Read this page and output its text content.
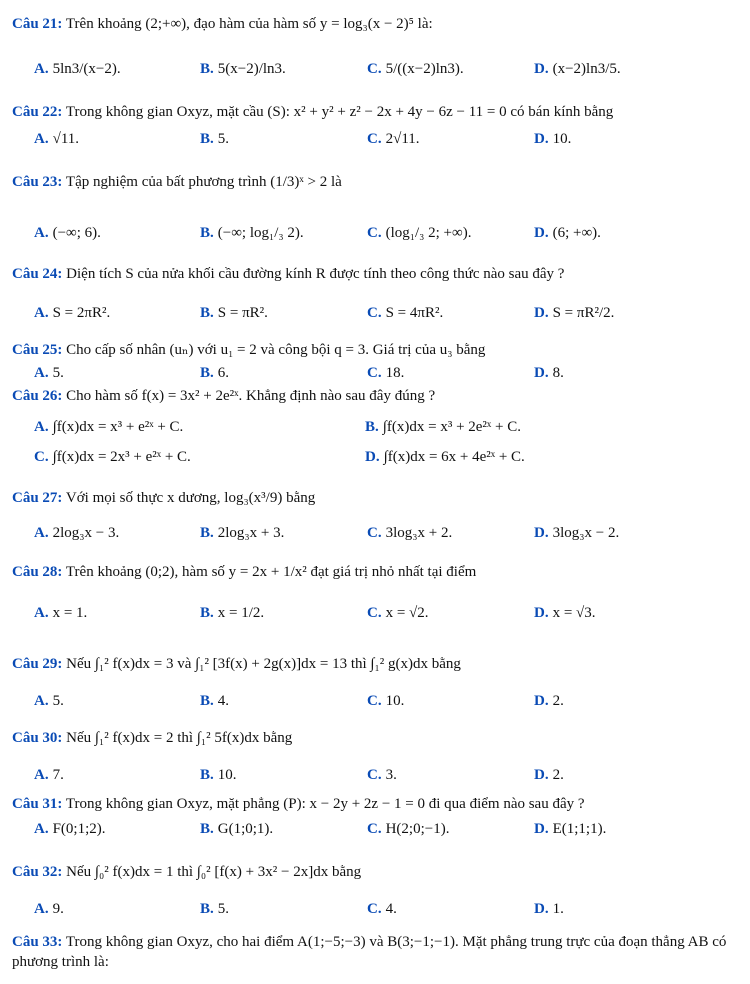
Câu 21: Trên khoảng (2;+∞), đạo hàm của hàm số y = log₃(x − 2)⁵ là:
A. 5ln3/(x−2).	B. 5(x−2)/ln3.	C. 5/((x−2)ln3).	D. (x−2)ln3/5.
Câu 22: Trong không gian Oxyz, mặt cầu (S): x² + y² + z² − 2x + 4y − 6z − 11 = 0 có bán kính bằng
A. √11.	B. 5.	C. 2√11.	D. 10.
Câu 23: Tập nghiệm của bất phương trình (1/3)ˣ > 2 là
A. (−∞; 6).	B. (−∞; log₁/₃ 2).	C. (log₁/₃ 2; +∞).	D. (6; +∞).
Câu 24: Diện tích S của nửa khối cầu đường kính R được tính theo công thức nào sau đây ?
A. S = 2πR².	B. S = πR².	C. S = 4πR².	D. S = πR²/2.
Câu 25: Cho cấp số nhân (uₙ) với u₁ = 2 và công bội q = 3. Giá trị của u₃ bằng
A. 5.	B. 6.	C. 18.	D. 8.
Câu 26: Cho hàm số f(x) = 3x² + 2e²ˣ. Khẳng định nào sau đây đúng ?
A. ∫f(x)dx = x³ + e²ˣ + C.	B. ∫f(x)dx = x³ + 2e²ˣ + C.
C. ∫f(x)dx = 2x³ + e²ˣ + C.	D. ∫f(x)dx = 6x + 4e²ˣ + C.
Câu 27: Với mọi số thực x dương, log₃(x³/9) bằng
A. 2log₃x − 3.	B. 2log₃x + 3.	C. 3log₃x + 2.	D. 3log₃x − 2.
Câu 28: Trên khoảng (0;2), hàm số y = 2x + 1/x² đạt giá trị nhỏ nhất tại điểm
A. x = 1.	B. x = 1/2.	C. x = √2.	D. x = √3.
Câu 29: Nếu ∫₁² f(x)dx = 3 và ∫₁² [3f(x) + 2g(x)]dx = 13 thì ∫₁² g(x)dx bằng
A. 5.	B. 4.	C. 10.	D. 2.
Câu 30: Nếu ∫₁² f(x)dx = 2 thì ∫₁² 5f(x)dx bằng
A. 7.	B. 10.	C. 3.	D. 2.
Câu 31: Trong không gian Oxyz, mặt phẳng (P): x − 2y + 2z − 1 = 0 đi qua điểm nào sau đây ?
A. F(0;1;2).	B. G(1;0;1).	C. H(2;0;−1).	D. E(1;1;1).
Câu 32: Nếu ∫₀² f(x)dx = 1 thì ∫₀² [f(x) + 3x² − 2x]dx bằng
A. 9.	B. 5.	C. 4.	D. 1.
Câu 33: Trong không gian Oxyz, cho hai điểm A(1;−5;−3) và B(3;−1;−1). Mặt phẳng trung trực của đoạn thẳng AB có phương trình là:
